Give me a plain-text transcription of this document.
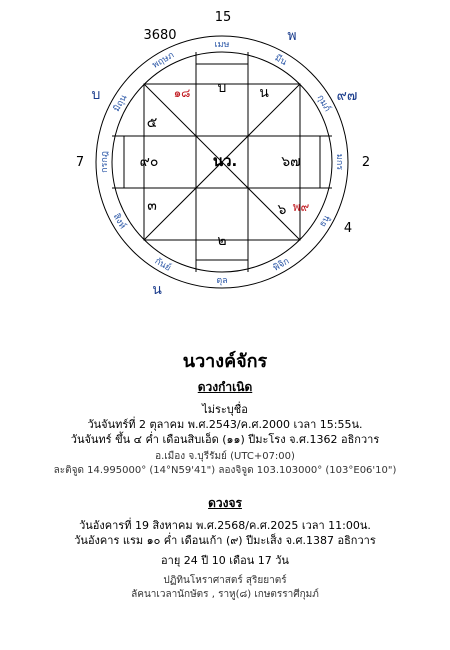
เมษ
พฤษภ
มิถุน
กรกฎ
สิงห์
กันย์
ตุล
พิจิก
ธนู
มกร
กุมภ์
มีน
15
3680	พ
๙๗
บ
7	2
4
น
บ
๑๘	น
๕
๙๐	นว.	๖๗
๓	๖ พ๙
๒
นวางค์จักร
ดวงกำเนิด
ไม่ระบุชื่อ
วันจันทร์ที่ 2 ตุลาคม พ.ศ.2543/ค.ศ.2000 เวลา 15:55น.
วันจันทร์ ขึ้น ๔ ค่ำ เดือนสิบเอ็ด (๑๑) ปีมะโรง จ.ศ.1362 อธิกวาร
อ.เมือง จ.บุรีรัมย์ (UTC+07:00)
ละติจูด 14.995000° (14°N59'41") ลองจิจูด 103.103000° (103°E06'10")
ดวงจร
วันอังคารที่ 19 สิงหาคม พ.ศ.2568/ค.ศ.2025 เวลา 11:00น.
วันอังคาร แรม ๑๐ ค่ำ เดือนเก้า (๙) ปีมะเส็ง จ.ศ.1387 อธิกวาร
อายุ 24 ปี 10 เดือน 17 วัน
ปฏิทินโหราศาสตร์ สุริยยาตร์
ลัคนาเวลานักษัตร , ราหู(๘) เกษตรราศีกุมภ์
